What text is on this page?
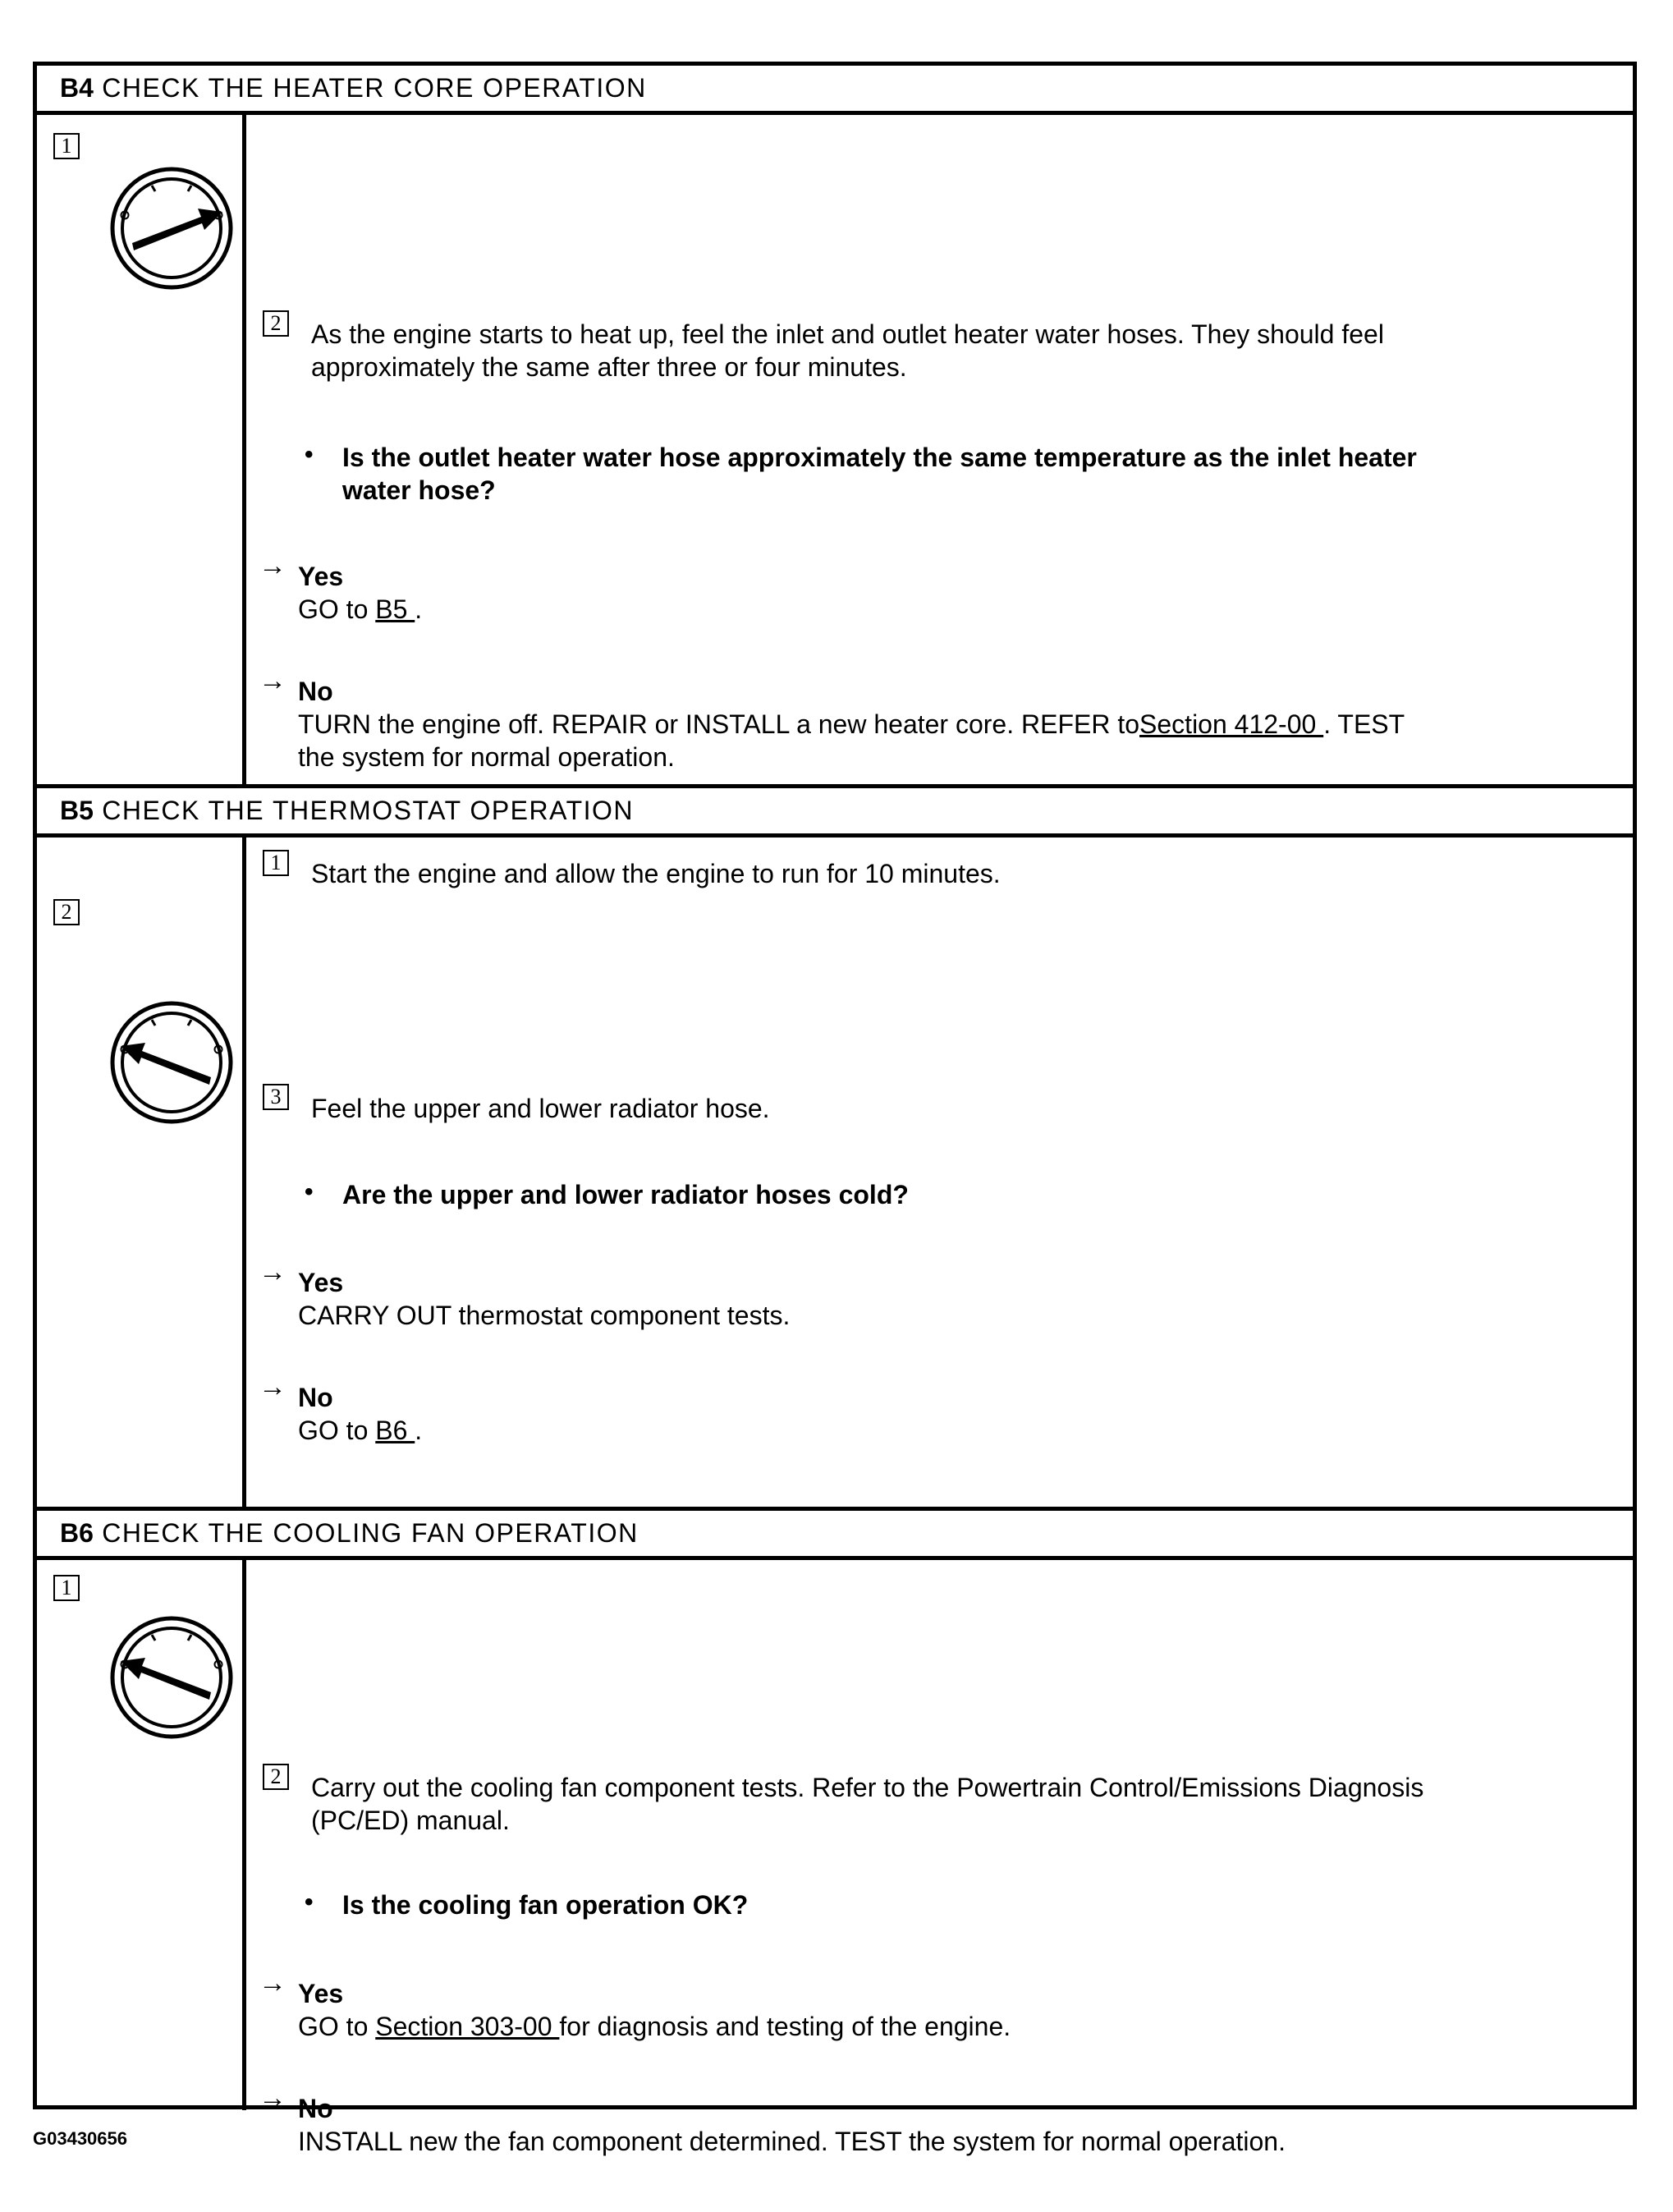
B4 CHECK THE HEATER CORE OPERATION
1
2 As the engine starts to heat up, feel the inlet and outlet heater water hoses. They should feel
approximately the same after three or four minutes.
• Is the outlet heater water hose approximately the same temperature as the inlet heater
water hose?
→ Yes
GO to B5 .
→ No
TURN the engine off. REPAIR or INSTALL a new heater core. REFER toSection 412-00 . TEST
the system for normal operation.
B5 CHECK THE THERMOSTAT OPERATION
1 Start the engine and allow the engine to run for 10 minutes.
2
3 Feel the upper and lower radiator hose.
• Are the upper and lower radiator hoses cold?
→ Yes
CARRY OUT thermostat component tests.
→ No
GO to B6 .
B6 CHECK THE COOLING FAN OPERATION
1
2 Carry out the cooling fan component tests. Refer to the Powertrain Control/Emissions Diagnosis
(PC/ED) manual.
• Is the cooling fan operation OK?
→ Yes
GO to Section 303-00 for diagnosis and testing of the engine.
→ No
INSTALL new the fan component determined. TEST the system for normal operation.
G03430656
